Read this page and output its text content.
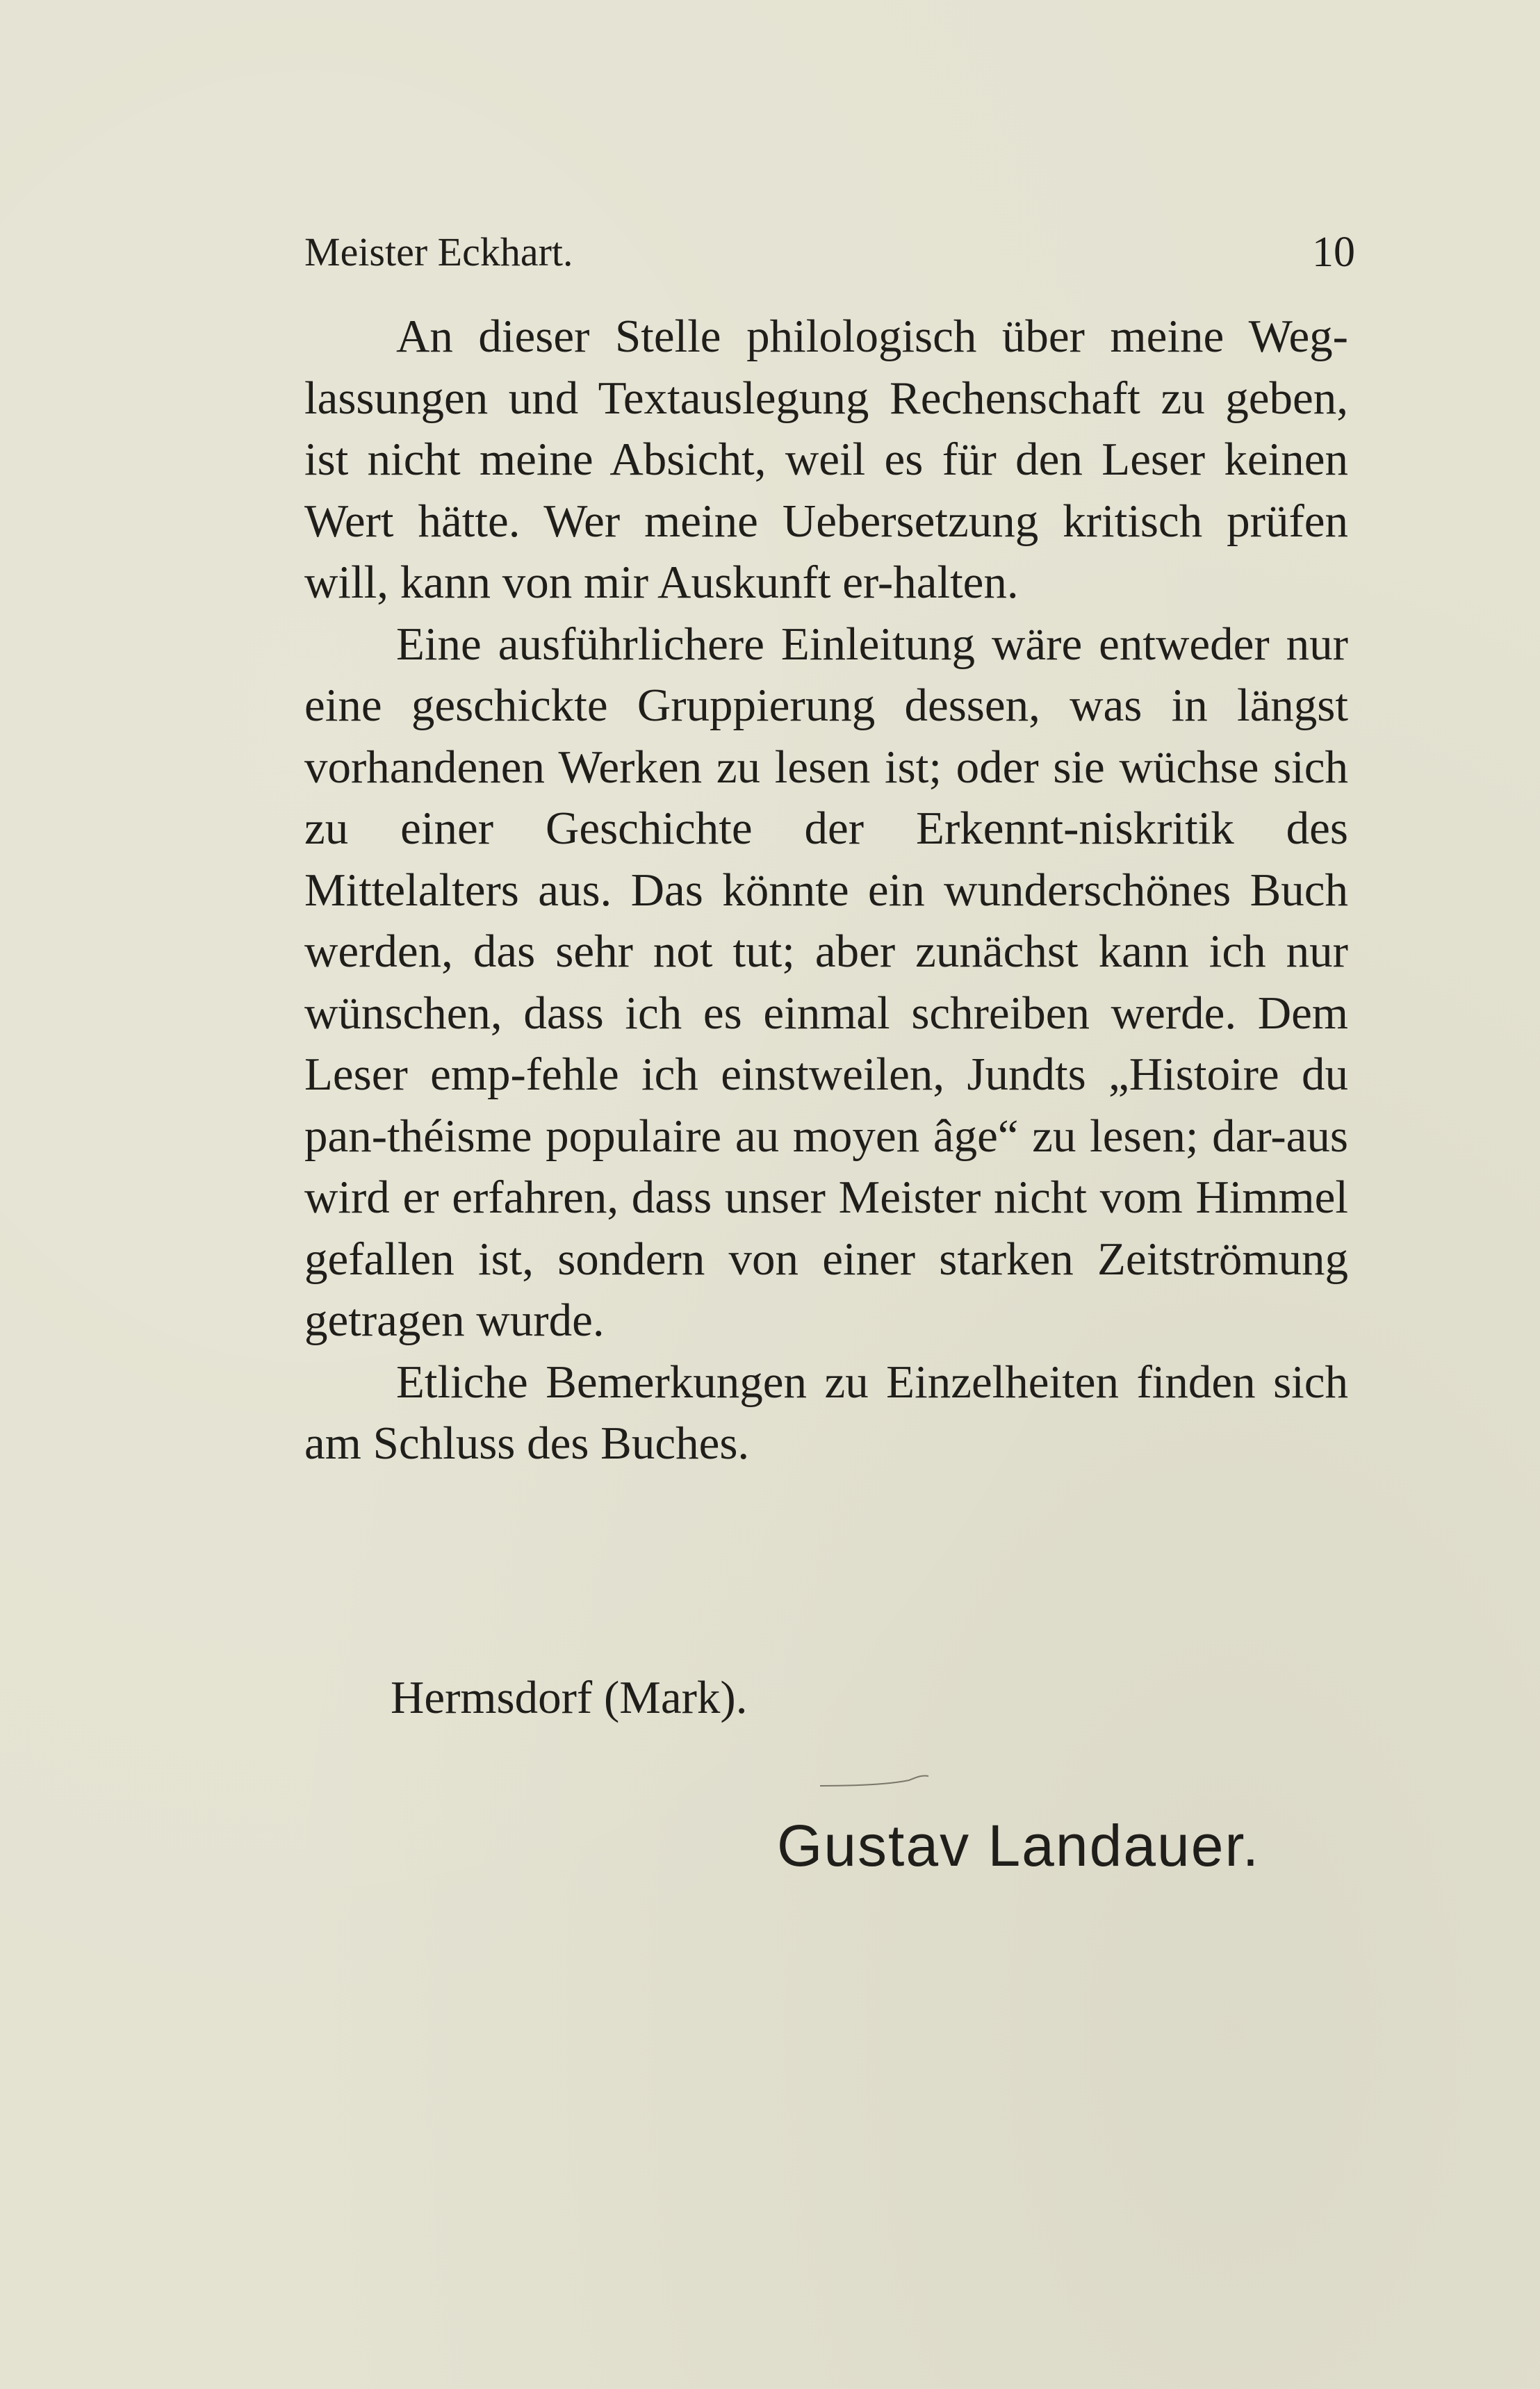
Meister Eckhart.	10

An dieser Stelle philologisch über meine Weg-lassungen und Textauslegung Rechenschaft zu geben, ist nicht meine Absicht, weil es für den Leser keinen Wert hätte. Wer meine Uebersetzung kritisch prüfen will, kann von mir Auskunft er-halten.

Eine ausführlichere Einleitung wäre entweder nur eine geschickte Gruppierung dessen, was in längst vorhandenen Werken zu lesen ist; oder sie wüchse sich zu einer Geschichte der Erkennt-niskritik des Mittelalters aus. Das könnte ein wunderschönes Buch werden, das sehr not tut; aber zunächst kann ich nur wünschen, dass ich es einmal schreiben werde. Dem Leser emp-fehle ich einstweilen, Jundts „Histoire du pan-théisme populaire au moyen âge“ zu lesen; dar-aus wird er erfahren, dass unser Meister nicht vom Himmel gefallen ist, sondern von einer starken Zeitströmung getragen wurde.

Etliche Bemerkungen zu Einzelheiten finden sich am Schluss des Buches.

Hermsdorf (Mark).
Gustav Landauer.
